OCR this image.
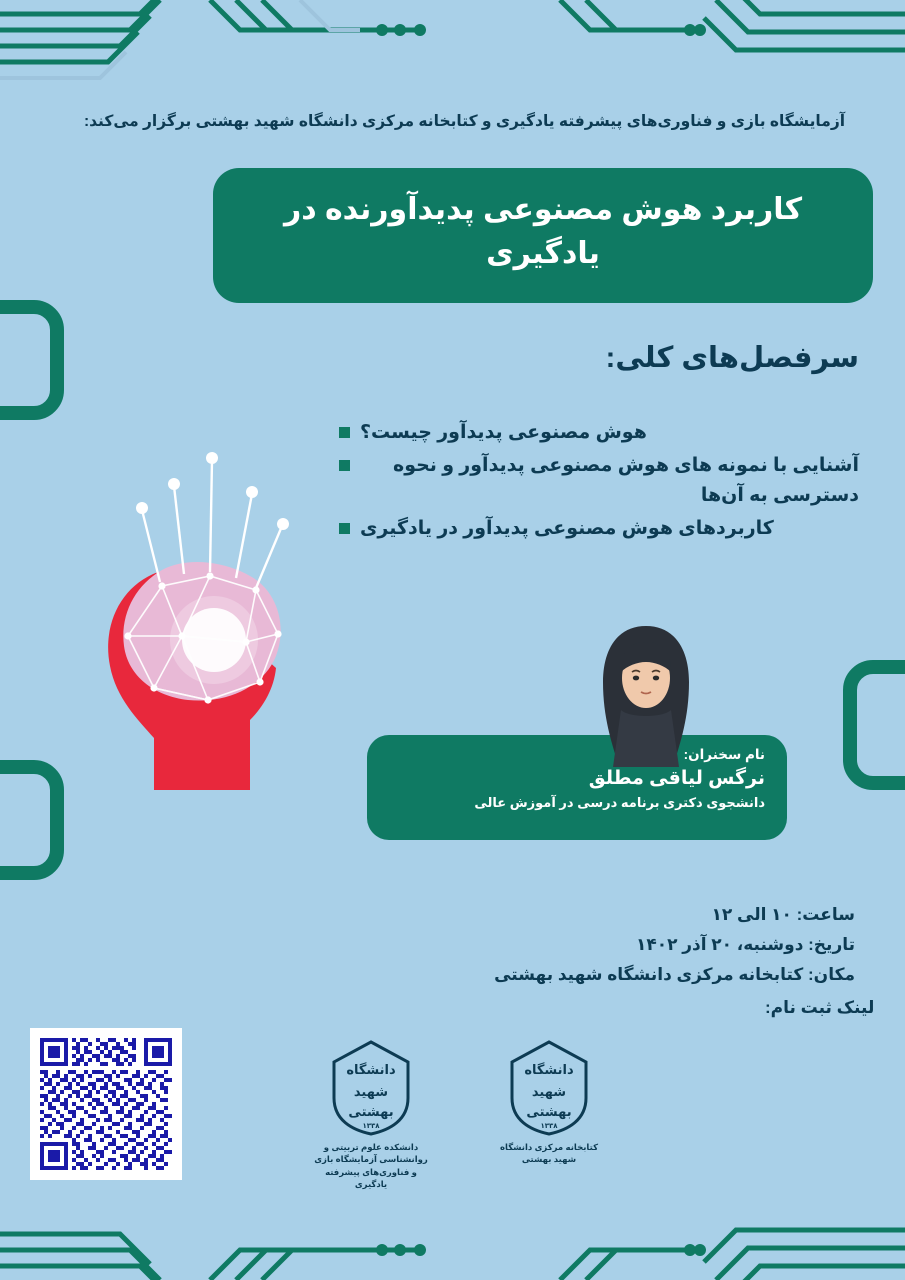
آزمایشگاه بازی و فناوری‌های پیشرفته یادگیری و کتابخانه مرکزی دانشگاه شهید بهشتی برگزار می‌کند:
کاربرد هوش مصنوعی پدیدآورنده در یادگیری
سرفصل‌های کلی:
هوش مصنوعی پدیدآور چیست؟
آشنایی با نمونه های هوش مصنوعی پدیدآور و نحوه دسترسی به آن‌ها
کاربردهای هوش مصنوعی پدیدآور در یادگیری
نام سخنران:
نرگس لیاقی مطلق
دانشجوی دکتری برنامه درسی در آموزش عالی
ساعت: ۱۰ الی ۱۲
تاریخ: دوشنبه، ۲۰ آذر ۱۴۰۲
مکان: کتابخانه مرکزی دانشگاه شهید بهشتی
لینک ثبت نام:
دانشگاه
شهید
بهشتی
۱۳۳۸
دانشکده علوم تربیتی و روانشناسی آزمایشگاه بازی و فناوری‌های پیشرفته یادگیری
دانشگاه
شهید
بهشتی
۱۳۳۸
کتابخانه مرکزی دانشگاه شهید بهشتی
